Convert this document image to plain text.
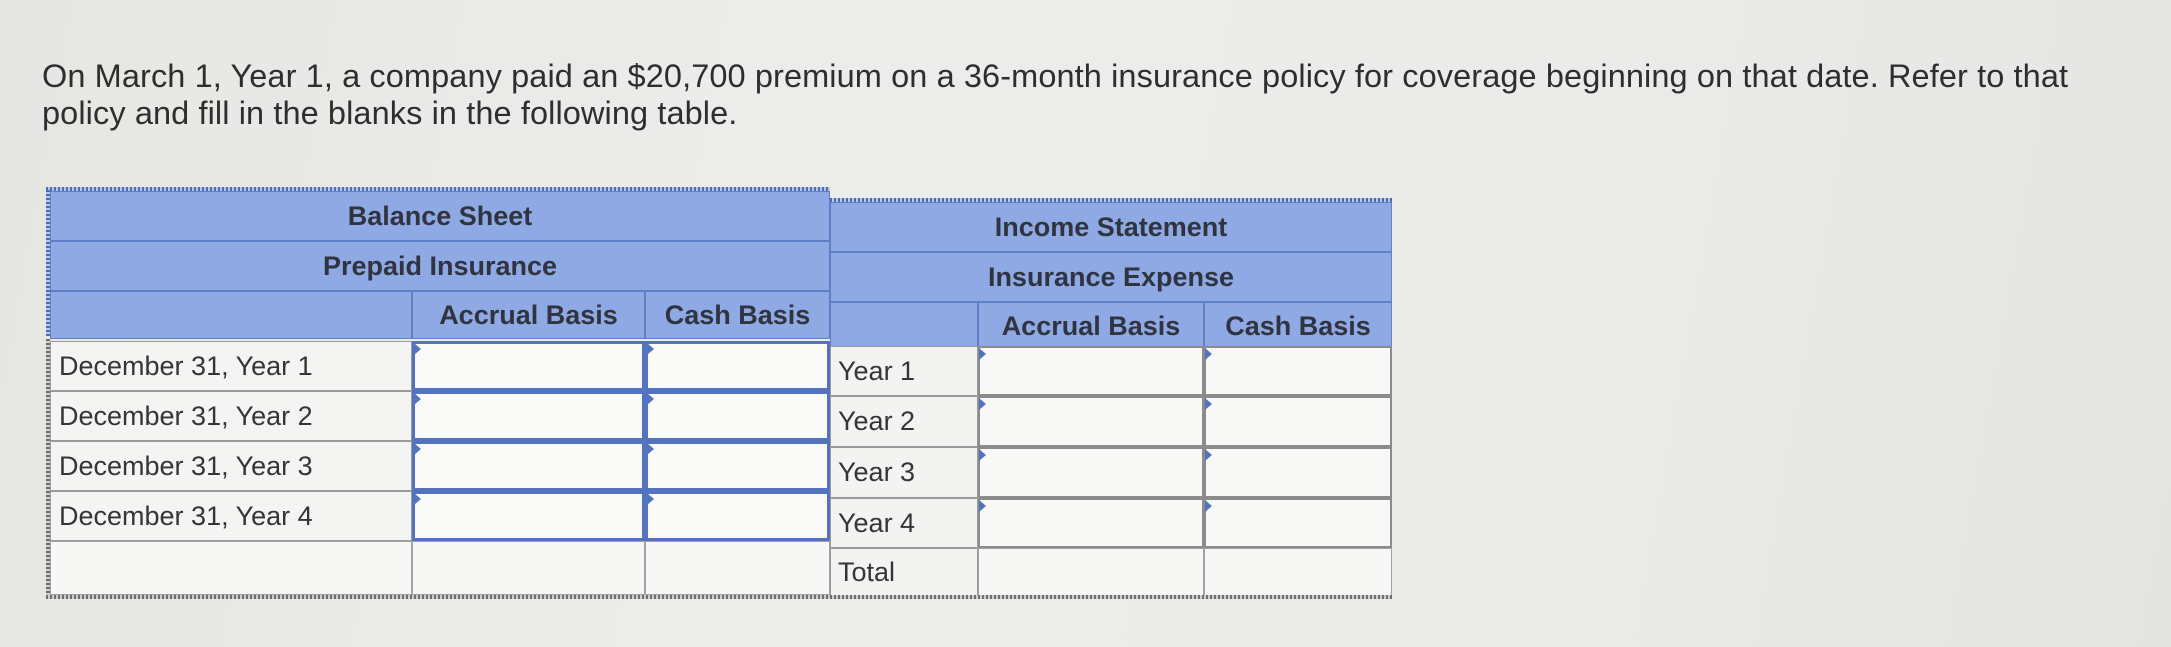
On March 1, Year 1, a company paid an $20,700 premium on a 36-month insurance policy for coverage beginning on that date. Refer to that policy and fill in the blanks in the following table.
Balance Sheet
Prepaid Insurance
Accrual Basis Cash Basis
Income Statement
Insurance Expense
Accrual Basis Cash Basis
December 31, Year 1
December 31, Year 2
December 31, Year 3
December 31, Year 4
Year 1
Year 2
Year 3
Year 4
Total
